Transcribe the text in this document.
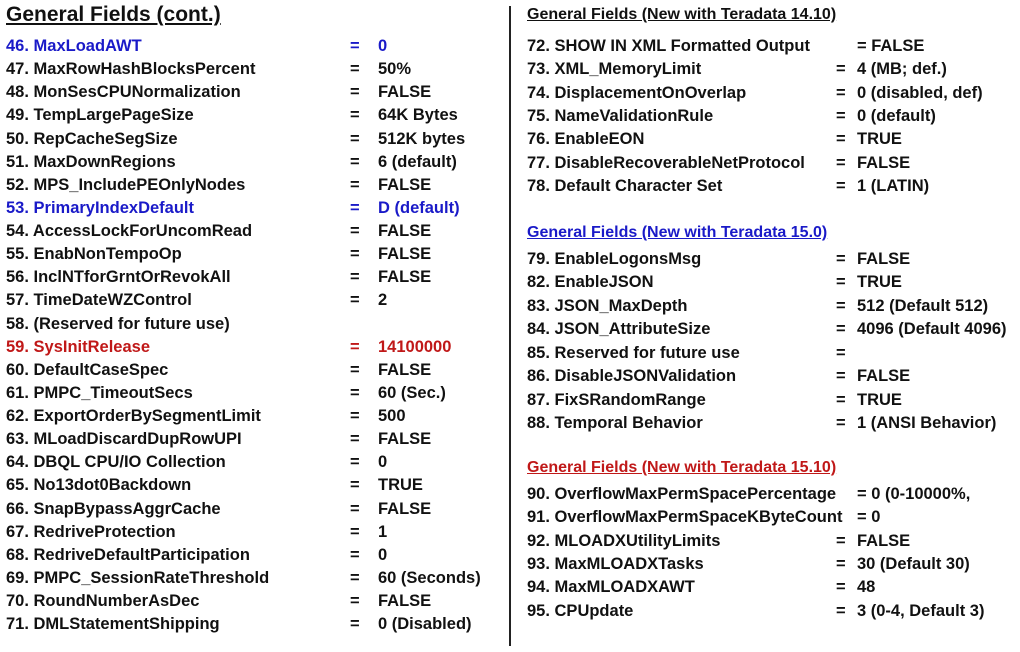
General Fields (cont.)
46. MaxLoadAWT	= 0
47. MaxRowHashBlocksPercent	= 50%
48. MonSesCPUNormalization	= FALSE
49. TempLargePageSize	= 64K Bytes
50. RepCacheSegSize	= 512K bytes
51. MaxDownRegions	= 6 (default)
52. MPS_IncludePEOnlyNodes	= FALSE
53. PrimaryIndexDefault	= D (default)
54. AccessLockForUncomRead	= FALSE
55. EnabNonTempoOp	= FALSE
56. InclNTforGrntOrRevokAll	= FALSE
57. TimeDateWZControl	= 2
58. (Reserved for future use)
59. SysInitRelease	= 14100000
60. DefaultCaseSpec	= FALSE
61. PMPC_TimeoutSecs	= 60 (Sec.)
62. ExportOrderBySegmentLimit	= 500
63. MLoadDiscardDupRowUPI	= FALSE
64. DBQL CPU/IO Collection	= 0
65. No13dot0Backdown	= TRUE
66. SnapBypassAggrCache	= FALSE
67. RedriveProtection	= 1
68. RedriveDefaultParticipation	= 0
69. PMPC_SessionRateThreshold	= 60 (Seconds)
70. RoundNumberAsDec	= FALSE
71. DMLStatementShipping	= 0 (Disabled)
General Fields (New with Teradata 14.10)
72. SHOW IN XML Formatted Output	= FALSE
73. XML_MemoryLimit	= 4 (MB; def.)
74. DisplacementOnOverlap	= 0 (disabled, def)
75. NameValidationRule	= 0 (default)
76. EnableEON	= TRUE
77. DisableRecoverableNetProtocol = FALSE
78. Default Character Set	= 1 (LATIN)
General Fields (New with Teradata 15.0)
79. EnableLogonsMsg	= FALSE
82. EnableJSON	= TRUE
83. JSON_MaxDepth	= 512 (Default 512)
84. JSON_AttributeSize	= 4096 (Default 4096)
85. Reserved for future use	=
86. DisableJSONValidation	= FALSE
87. FixSRandomRange	= TRUE
88. Temporal Behavior	= 1 (ANSI Behavior)
General Fields (New with Teradata 15.10)
90. OverflowMaxPermSpacePercentage = 0 (0-10000%,
91. OverflowMaxPermSpaceKByteCount = 0
92. MLOADXUtilityLimits	= FALSE
93. MaxMLOADXTasks	= 30 (Default 30)
94. MaxMLOADXAWT	= 48
95. CPUpdate	= 3 (0-4, Default 3)
